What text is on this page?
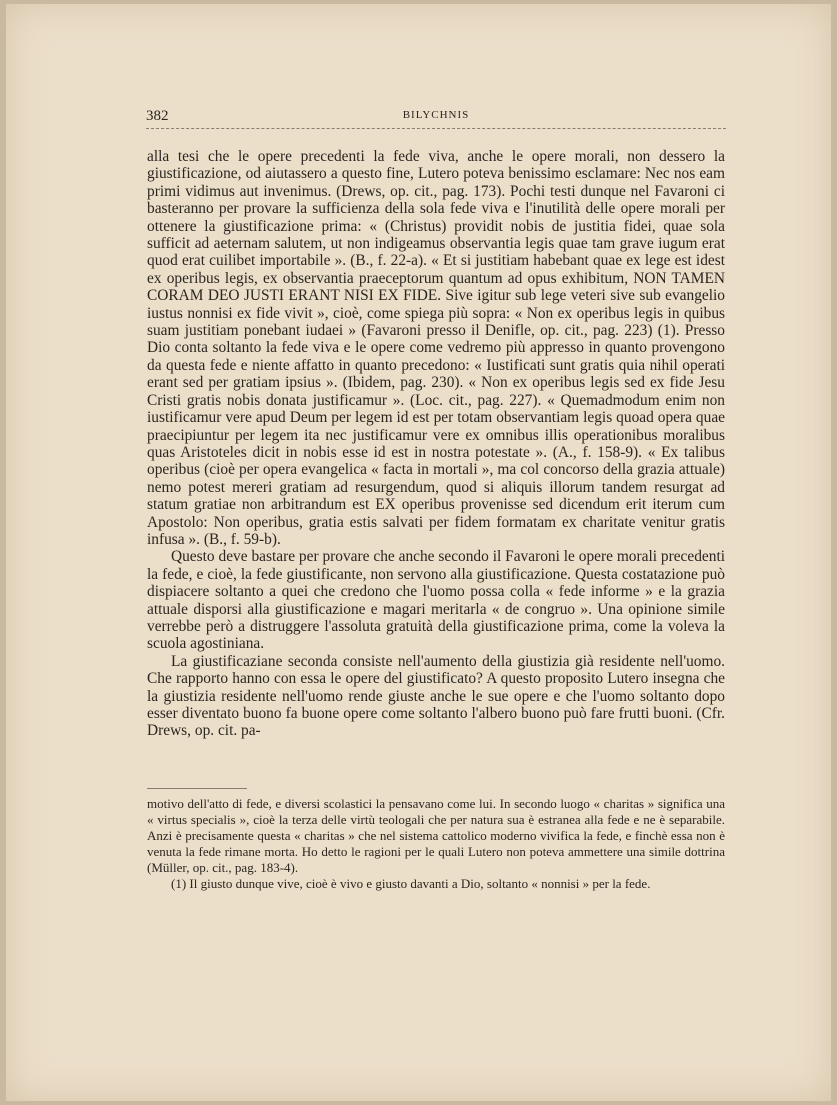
382	BILYCHNIS

alla tesi che le opere precedenti la fede viva, anche le opere morali, non dessero la giustificazione, od aiutassero a questo fine, Lutero poteva benissimo esclamare: Nec nos eam primi vidimus aut invenimus. (Drews, op. cit., pag. 173). Pochi testi dunque nel Favaroni ci basteranno per provare la sufficienza della sola fede viva e l'inutilità delle opere morali per ottenere la giustificazione prima: « (Christus) providit nobis de justitia fidei, quae sola sufficit ad aeternam salutem, ut non indigeamus observantia legis quae tam grave iugum erat quod erat cuilibet importabile ». (B., f. 22-a). « Et si justitiam habebant quae ex lege est idest ex operibus legis, ex observantia praeceptorum quantum ad opus exhibitum, NON TAMEN CORAM DEO JUSTI ERANT NISI EX FIDE. Sive igitur sub lege veteri sive sub evangelio iustus nonnisi ex fide vivit », cioè, come spiega più sopra: « Non ex operibus legis in quibus suam justitiam ponebant iudaei » (Favaroni presso il Denifle, op. cit., pag. 223) (1). Presso Dio conta soltanto la fede viva e le opere come vedremo più appresso in quanto provengono da questa fede e niente affatto in quanto precedono: « Iustificati sunt gratis quia nihil operati erant sed per gratiam ipsius ». (Ibidem, pag. 230). « Non ex operibus legis sed ex fide Jesu Cristi gratis nobis donata justificamur ». (Loc. cit., pag. 227). « Quemadmodum enim non iustificamur vere apud Deum per legem id est per totam observantiam legis quoad opera quae praecipiuntur per legem ita nec justificamur vere ex omnibus illis operationibus moralibus quas Aristoteles dicit in nobis esse id est in nostra potestate ». (A., f. 158-9). « Ex talibus operibus (cioè per opera evangelica « facta in mortali », ma col concorso della grazia attuale) nemo potest mereri gratiam ad resurgendum, quod si aliquis illorum tandem resurgat ad statum gratiae non arbitrandum est EX operibus provenisse sed dicendum erit iterum cum Apostolo: Non operibus, gratia estis salvati per fidem formatam ex charitate venitur gratis infusa ». (B., f. 59-b).

Questo deve bastare per provare che anche secondo il Favaroni le opere morali precedenti la fede, e cioè, la fede giustificante, non servono alla giustificazione. Questa costatazione può dispiacere soltanto a quei che credono che l'uomo possa colla « fede informe » e la grazia attuale disporsi alla giustificazione e magari meritarla « de congruo ». Una opinione simile verrebbe però a distruggere l'assoluta gratuità della giustificazione prima, come la voleva la scuola agostiniana.

La giustificaziane seconda consiste nell'aumento della giustizia già residente nell'uomo. Che rapporto hanno con essa le opere del giustificato? A questo proposito Lutero insegna che la giustizia residente nell'uomo rende giuste anche le sue opere e che l'uomo soltanto dopo esser diventato buono fa buone opere come soltanto l'albero buono può fare frutti buoni. (Cfr. Drews, op. cit. pa-

motivo dell'atto di fede, e diversi scolastici la pensavano come lui. In secondo luogo « charitas » significa una « virtus specialis », cioè la terza delle virtù teologali che per natura sua è estranea alla fede e ne è separabile. Anzi è precisamente questa « charitas » che nel sistema cattolico moderno vivifica la fede, e finchè essa non è venuta la fede rimane morta. Ho detto le ragioni per le quali Lutero non poteva ammettere una simile dottrina (Müller, op. cit., pag. 183-4).

(1) Il giusto dunque vive, cioè è vivo e giusto davanti a Dio, soltanto « nonnisi » per la fede.
